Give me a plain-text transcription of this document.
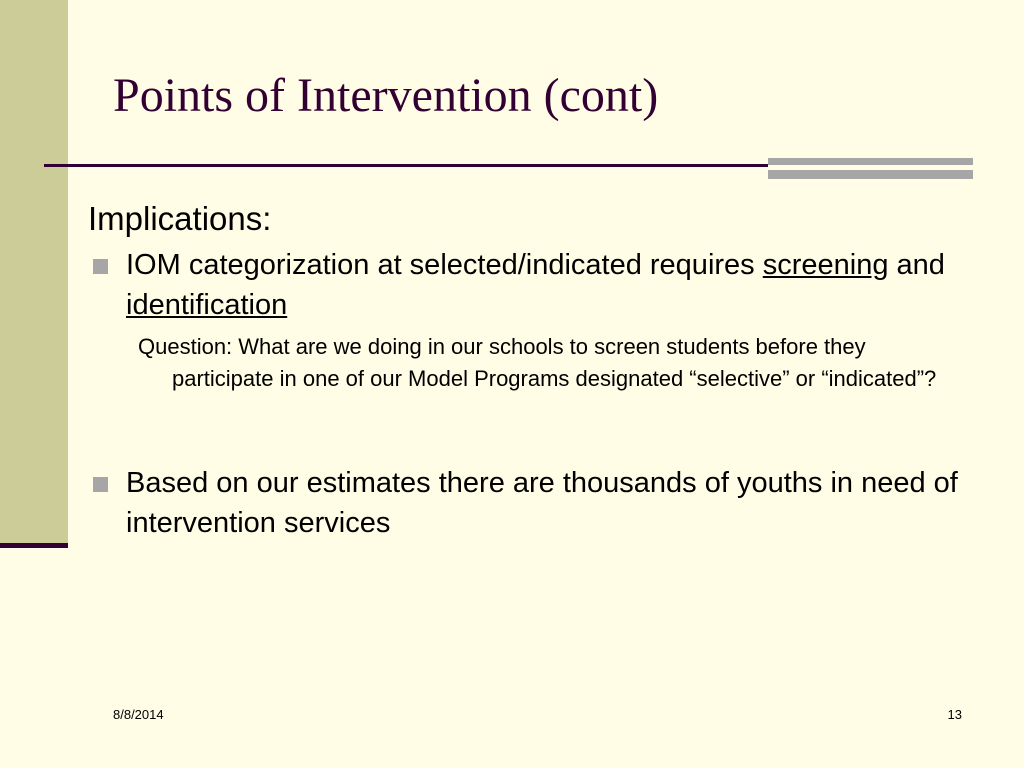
Points of Intervention (cont)
Implications:
IOM categorization at selected/indicated requires screening and identification
Question: What are we doing in our schools to screen students before they participate in one of our Model Programs designated “selective” or “indicated”?
Based on our estimates there are thousands of youths in need of intervention services
8/8/2014	13
